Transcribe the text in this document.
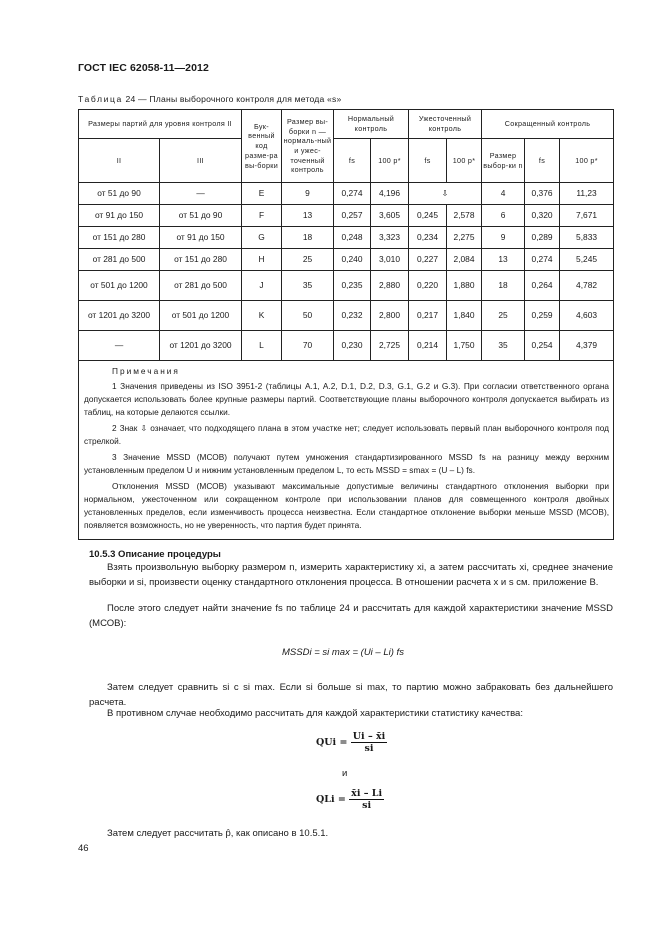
ГОСТ IEC 62058-11—2012
Таблица 24 — Планы выборочного контроля для метода «s»
Размеры партий для уровня контроля II		Бук-венный код разме-ра вы-борки	Размер вы-борки n — нормаль-ный и ужес-точенный контроль	Нормальный контроль		Ужесточенный контроль		Сокращенный контроль		
II	III			fs	100 p*	fs	100 p*	Размер выбор-ки n	fs	100 p*
от 51 до 90	—	E	9	0,274	4,196	⇩		4	0,376	11,23
от 91 до 150	от 51 до 90	F	13	0,257	3,605	0,245	2,578	6	0,320	7,671
от 151 до 280	от 91 до 150	G	18	0,248	3,323	0,234	2,275	9	0,289	5,833
от 281 до 500	от 151 до 280	H	25	0,240	3,010	0,227	2,084	13	0,274	5,245
от 501 до 1200	от 281 до 500	J	35	0,235	2,880	0,220	1,880	18	0,264	4,782
от 1201 до 3200	от 501 до 1200	K	50	0,232	2,800	0,217	1,840	25	0,259	4,603
—	от 1201 до 3200	L	70	0,230	2,725	0,214	1,750	35	0,254	4,379

Примечания
1 Значения приведены из ISO 3951-2 (таблицы A.1, A.2, D.1, D.2, D.3, G.1, G.2 и G.3). При согласии ответственного органа допускается использовать более крупные размеры партий. Соответствующие планы выборочного контроля допускается выбирать из таблиц, на которые делаются ссылки.
2 Знак ⇩ означает, что подходящего плана в этом участке нет; следует использовать первый план выборочного контроля под стрелкой.
3 Значение MSSD (МСОВ) получают путем умножения стандартизированного MSSD fs на разницу между верхним установленным пределом U и нижним установленным пределом L, то есть MSSD = smax = (U – L) fs.
Отклонения MSSD (МСОВ) указывают максимальные допустимые величины стандартного отклонения выборки при нормальном, ужесточенном или сокращенном контроле при использовании планов для совмещенного контроля двойных установленных пределов, если изменчивость процесса неизвестна. Если стандартное отклонение выборки меньше MSSD (МСОВ), появляется возможность, но не уверенность, что партия будет принята.										
10.5.3 Описание процедуры
Взять произвольную выборку размером n, измерить характеристику xi, а затем рассчитать xi, среднее значение выборки и si, произвести оценку стандартного отклонения процесса. В отношении расчета x и s см. приложение В.
После этого следует найти значение fs по таблице 24 и рассчитать для каждой характеристики значение MSSD (МСОВ):
MSSDi = si max = (Ui – Li) fs
Затем следует сравнить si с si max. Если si больше si max, то партию можно забраковать без дальнейшего расчета.
В противном случае необходимо рассчитать для каждой характеристики статистику качества:
QUi = $\frac{Ui - x̄i}{si}$
и
QLi = $\frac{x̄i - Li}{si}$
Затем следует рассчитать p̂, как описано в 10.5.1.
46
